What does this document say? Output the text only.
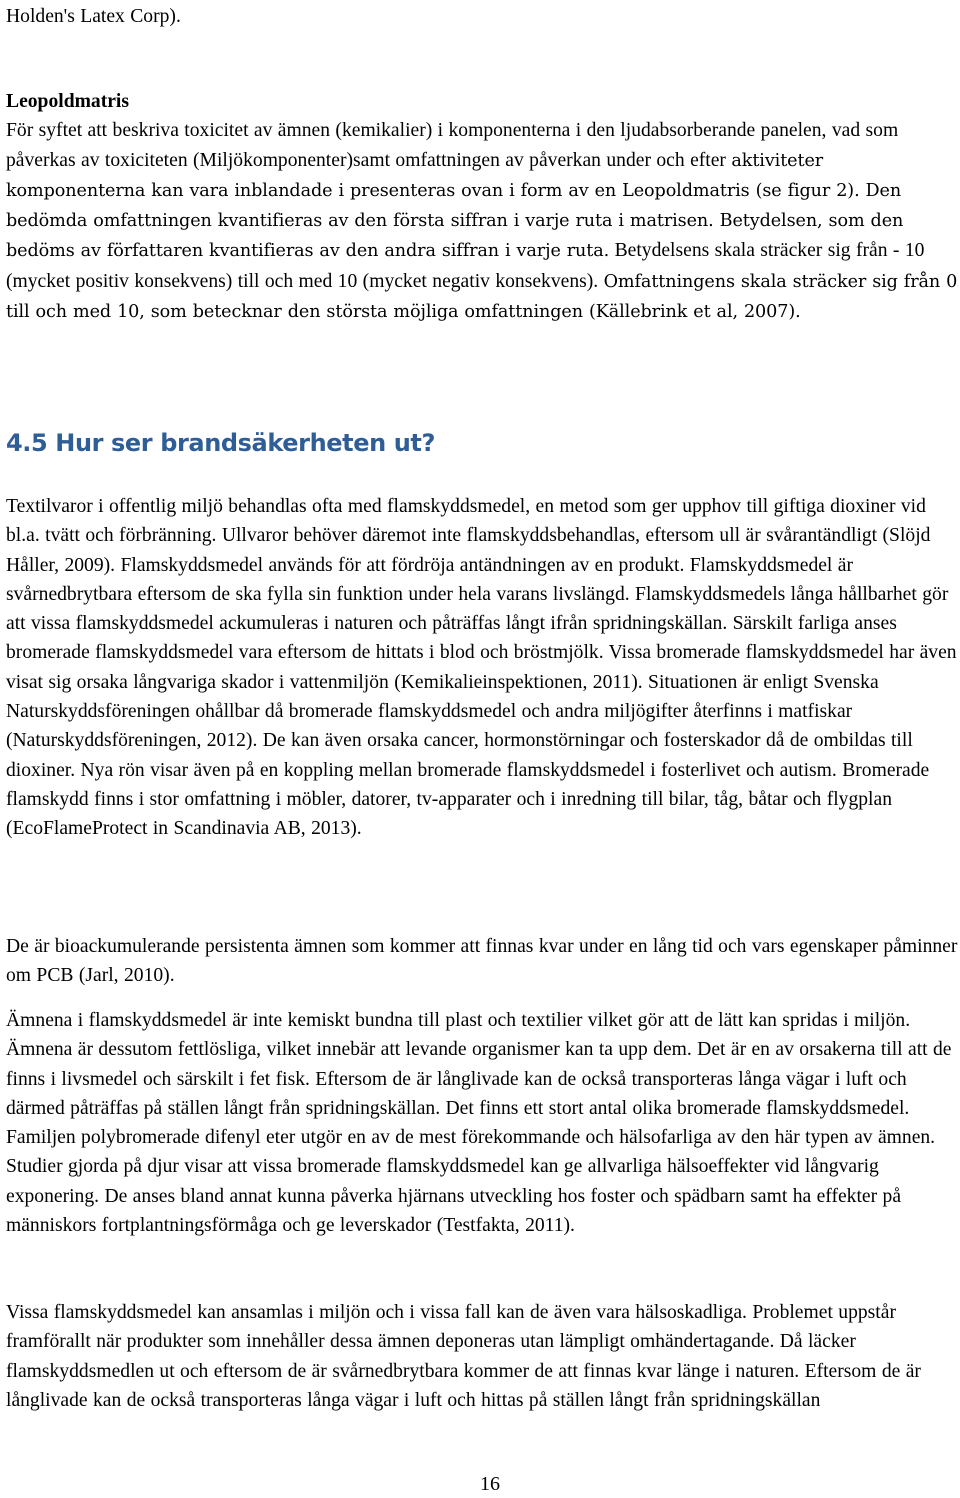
Holden's Latex Corp).

Leopoldmatris
För syftet att beskriva toxicitet av ämnen (kemikalier) i komponenterna i den ljudabsorberande panelen, vad som påverkas av toxiciteten (Miljökomponenter)samt omfattningen av påverkan under och efter aktiviteter komponenterna kan vara inblandade i presenteras ovan i form av en Leopoldmatris (se figur 2). Den bedömda omfattningen kvantifieras av den första siffran i varje ruta i matrisen. Betydelsen, som den bedöms av författaren kvantifieras av den andra siffran i varje ruta. Betydelsens skala sträcker sig från - 10 (mycket positiv konsekvens) till och med 10 (mycket negativ konsekvens). Omfattningens skala sträcker sig från 0 till och med 10, som betecknar den största möjliga omfattningen (Källebrink et al, 2007).
4.5 Hur ser brandsäkerheten ut?

Textilvaror i offentlig miljö behandlas ofta med flamskyddsmedel, en metod som ger upphov till giftiga dioxiner vid bl.a. tvätt och förbränning. Ullvaror behöver däremot inte flamskyddsbehandlas, eftersom ull är svårantändligt (Slöjd Håller, 2009). Flamskyddsmedel används för att fördröja antändningen av en produkt. Flamskyddsmedel är svårnedbrytbara eftersom de ska fylla sin funktion under hela varans livslängd. Flamskyddsmedels långa hållbarhet gör att vissa flamskyddsmedel ackumuleras i naturen och påträffas långt ifrån spridningskällan. Särskilt farliga anses bromerade flamskyddsmedel vara eftersom de hittats i blod och bröstmjölk. Vissa bromerade flamskyddsmedel har även visat sig orsaka långvariga skador i vattenmiljön (Kemikalieinspektionen, 2011). Situationen är enligt Svenska Naturskyddsföreningen ohållbar då bromerade flamskyddsmedel och andra miljögifter återfinns i matfiskar (Naturskyddsföreningen, 2012). De kan även orsaka cancer, hormonstörningar och fosterskador då de ombildas till dioxiner. Nya rön visar även på en koppling mellan bromerade flamskyddsmedel i fosterlivet och autism. Bromerade flamskydd finns i stor omfattning i möbler, datorer, tv-apparater och i inredning till bilar, tåg, båtar och flygplan (EcoFlameProtect in Scandinavia AB, 2013).

De är bioackumulerande persistenta ämnen som kommer att finnas kvar under en lång tid och vars egenskaper påminner om PCB (Jarl, 2010).

Ämnena i flamskyddsmedel är inte kemiskt bundna till plast och textilier vilket gör att de lätt kan spridas i miljön. Ämnena är dessutom fettlösliga, vilket innebär att levande organismer kan ta upp dem. Det är en av orsakerna till att de finns i livsmedel och särskilt i fet fisk. Eftersom de är långlivade kan de också transporteras långa vägar i luft och därmed påträffas på ställen långt från spridningskällan. Det finns ett stort antal olika bromerade flamskyddsmedel. Familjen polybromerade difenyl eter utgör en av de mest förekommande och hälsofarliga av den här typen av ämnen. Studier gjorda på djur visar att vissa bromerade flamskyddsmedel kan ge allvarliga hälsoeffekter vid långvarig exponering. De anses bland annat kunna påverka hjärnans utveckling hos foster och spädbarn samt ha effekter på människors fortplantningsförmåga och ge leverskador (Testfakta, 2011).

Vissa flamskyddsmedel kan ansamlas i miljön och i vissa fall kan de även vara hälsoskadliga. Problemet uppstår framförallt när produkter som innehåller dessa ämnen deponeras utan lämpligt omhändertagande. Då läcker flamskyddsmedlen ut och eftersom de är svårnedbrytbara kommer de att finnas kvar länge i naturen. Eftersom de är långlivade kan de också transporteras långa vägar i luft och hittas på ställen långt från spridningskällan

16
